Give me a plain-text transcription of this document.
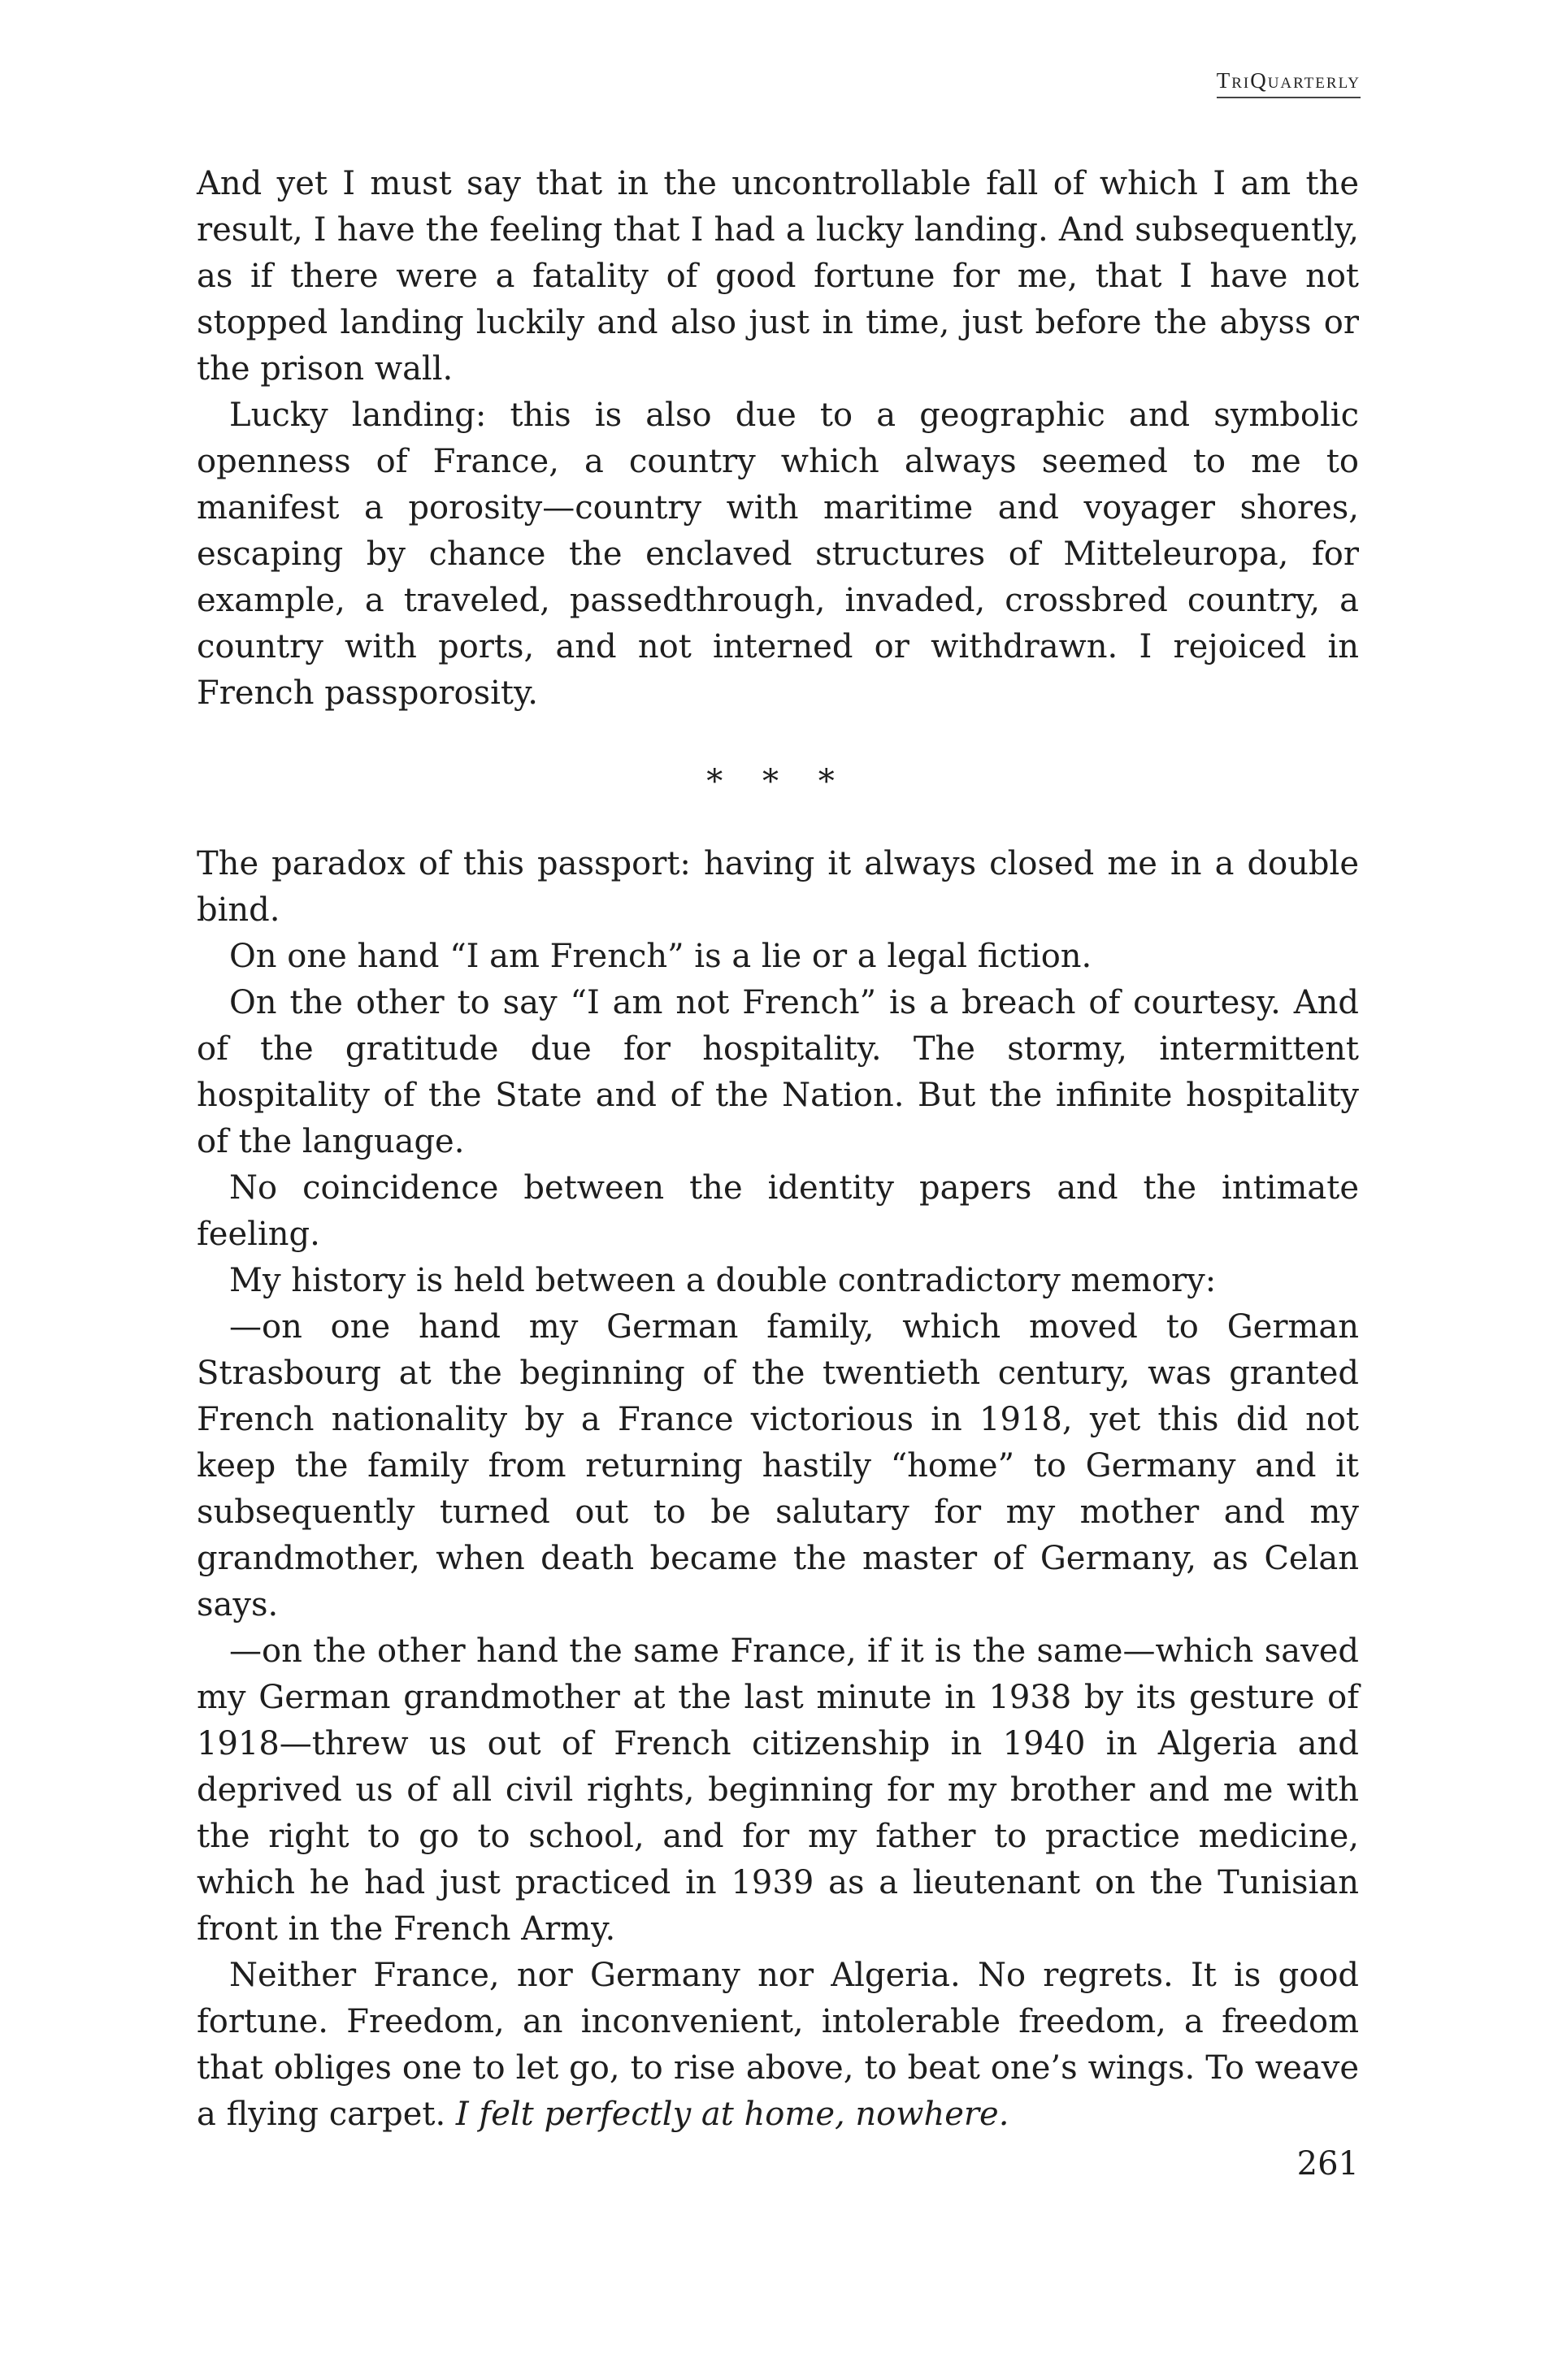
TriQuarterly

And yet I must say that in the uncontrollable fall of which I am the result, I have the feeling that I had a lucky landing. And subsequently, as if there were a fatality of good fortune for me, that I have not stopped landing luckily and also just in time, just before the abyss or the prison wall.

Lucky landing: this is also due to a geographic and symbolic openness of France, a country which always seemed to me to manifest a porosity—country with maritime and voyager shores, escaping by chance the enclaved structures of Mitteleuropa, for example, a traveled, passedthrough, invaded, crossbred country, a country with ports, and not interned or withdrawn. I rejoiced in French passporosity.

* * *

The paradox of this passport: having it always closed me in a double bind.

On one hand “I am French” is a lie or a legal fiction.

On the other to say “I am not French” is a breach of courtesy. And of the gratitude due for hospitality. The stormy, intermittent hospitality of the State and of the Nation. But the infinite hospitality of the language.

No coincidence between the identity papers and the intimate feeling.

My history is held between a double contradictory memory:

—on one hand my German family, which moved to German Strasbourg at the beginning of the twentieth century, was granted French nationality by a France victorious in 1918, yet this did not keep the family from returning hastily “home” to Germany and it subsequently turned out to be salutary for my mother and my grandmother, when death became the master of Germany, as Celan says.

—on the other hand the same France, if it is the same—which saved my German grandmother at the last minute in 1938 by its gesture of 1918—threw us out of French citizenship in 1940 in Algeria and deprived us of all civil rights, beginning for my brother and me with the right to go to school, and for my father to practice medicine, which he had just practiced in 1939 as a lieutenant on the Tunisian front in the French Army.

Neither France, nor Germany nor Algeria. No regrets. It is good fortune. Freedom, an inconvenient, intolerable freedom, a freedom that obliges one to let go, to rise above, to beat one’s wings. To weave a flying carpet. I felt perfectly at home, nowhere.

261
